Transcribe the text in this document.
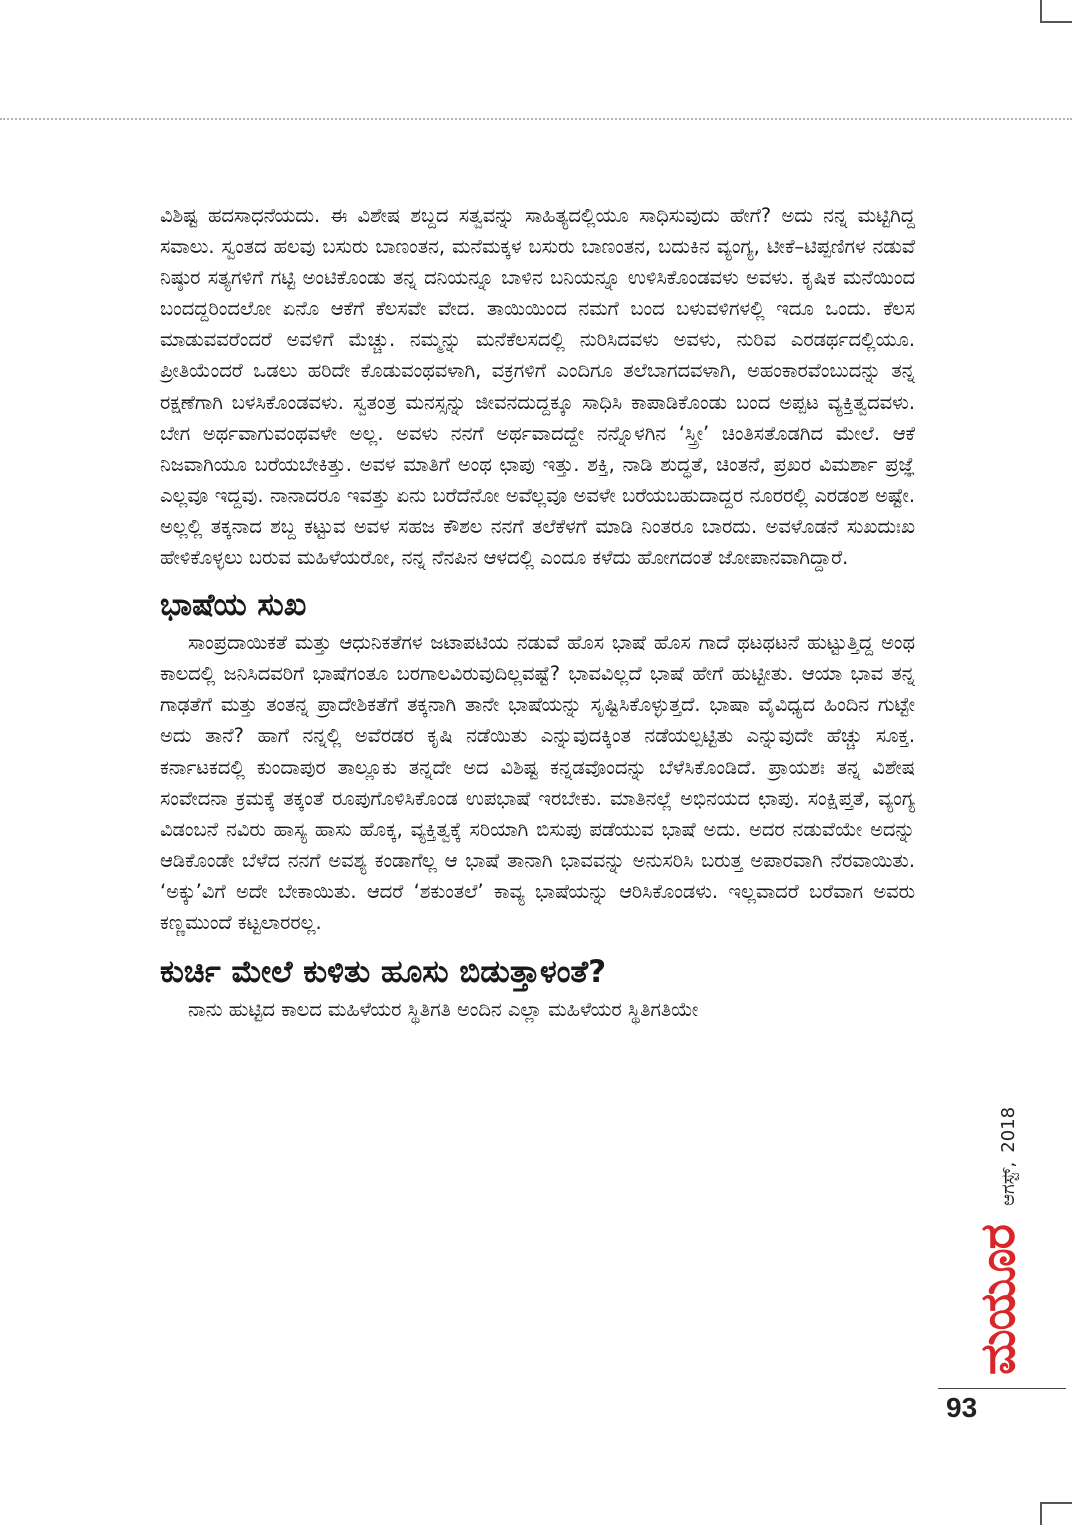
ವಿಶಿಷ್ಟ ಹದಸಾಧನೆಯದು. ಈ ವಿಶೇಷ ಶಬ್ದದ ಸತ್ವವನ್ನು ಸಾಹಿತ್ಯದಲ್ಲಿಯೂ ಸಾಧಿಸುವುದು ಹೇಗೆ? ಅದು ನನ್ನ ಮಟ್ಟಿಗಿದ್ದ ಸವಾಲು. ಸ್ವಂತದ ಹಲವು ಬಸುರು ಬಾಣಂತನ, ಮನೆಮಕ್ಕಳ ಬಸುರು ಬಾಣಂತನ, ಬದುಕಿನ ವ್ಯಂಗ್ಯ, ಟೀಕೆ–ಟಿಪ್ಪಣಿಗಳ ನಡುವೆ ನಿಷ್ಠುರ ಸತ್ಯಗಳಿಗೆ ಗಟ್ಟಿ ಅಂಟಿಕೊಂಡು ತನ್ನ ದನಿಯನ್ನೂ ಬಾಳಿನ ಬನಿಯನ್ನೂ ಉಳಿಸಿಕೊಂಡವಳು ಅವಳು. ಕೃಷಿಕ ಮನೆಯಿಂದ ಬಂದದ್ದರಿಂದಲೋ ಏನೊ ಆಕೆಗೆ ಕೆಲಸವೇ ವೇದ. ತಾಯಿಯಿಂದ ನಮಗೆ ಬಂದ ಬಳುವಳಿಗಳಲ್ಲಿ ಇದೂ ಒಂದು. ಕೆಲಸ ಮಾಡುವವರೆಂದರೆ ಅವಳಿಗೆ ಮೆಚ್ಚು. ನಮ್ಮನ್ನು ಮನೆಕೆಲಸದಲ್ಲಿ ನುರಿಸಿದವಳು ಅವಳು, ನುರಿವ ಎರಡರ್ಥದಲ್ಲಿಯೂ. ಪ್ರೀತಿಯೆಂದರೆ ಒಡಲು ಹರಿದೇ ಕೊಡುವಂಥವಳಾಗಿ, ವಕ್ರಗಳಿಗೆ ಎಂದಿಗೂ ತಲೆಬಾಗದವಳಾಗಿ, ಅಹಂಕಾರವೆಂಬುದನ್ನು ತನ್ನ ರಕ್ಷಣೆಗಾಗಿ ಬಳಸಿಕೊಂಡವಳು. ಸ್ವತಂತ್ರ ಮನಸ್ಸನ್ನು ಜೀವನದುದ್ದಕ್ಕೂ ಸಾಧಿಸಿ ಕಾಪಾಡಿಕೊಂಡು ಬಂದ ಅಪ್ಪಟ ವ್ಯಕ್ತಿತ್ವದವಳು. ಬೇಗ ಅರ್ಥವಾಗುವಂಥವಳೇ ಅಲ್ಲ. ಅವಳು ನನಗೆ ಅರ್ಥವಾದದ್ದೇ ನನ್ನೊಳಗಿನ ‘ಸ್ತ್ರೀ’ ಚಿಂತಿಸತೊಡಗಿದ ಮೇಲೆ. ಆಕೆ ನಿಜವಾಗಿಯೂ ಬರೆಯಬೇಕಿತ್ತು. ಅವಳ ಮಾತಿಗೆ ಅಂಥ ಛಾಪು ಇತ್ತು. ಶಕ್ತಿ, ನಾಡಿ ಶುದ್ಧತೆ, ಚಿಂತನೆ, ಪ್ರಖರ ವಿಮರ್ಶಾ ಪ್ರಜ್ಞೆ ಎಲ್ಲವೂ ಇದ್ದವು. ನಾನಾದರೂ ಇವತ್ತು ಏನು ಬರೆದೆನೋ ಅವೆಲ್ಲವೂ ಅವಳೇ ಬರೆಯಬಹುದಾದ್ದರ ನೂರರಲ್ಲಿ ಎರಡಂಶ ಅಷ್ಟೇ. ಅಲ್ಲಲ್ಲಿ ತಕ್ಕನಾದ ಶಬ್ದ ಕಟ್ಟುವ ಅವಳ ಸಹಜ ಕೌಶಲ ನನಗೆ ತಲೆಕೆಳಗೆ ಮಾಡಿ ನಿಂತರೂ ಬಾರದು. ಅವಳೊಡನೆ ಸುಖದುಃಖ ಹೇಳಿಕೊಳ್ಳಲು ಬರುವ ಮಹಿಳೆಯರೋ, ನನ್ನ ನೆನಪಿನ ಆಳದಲ್ಲಿ ಎಂದೂ ಕಳೆದು ಹೋಗದಂತೆ ಜೋಪಾನವಾಗಿದ್ದಾರೆ.

ಭಾಷೆಯ ಸುಖ

ಸಾಂಪ್ರದಾಯಿಕತೆ ಮತ್ತು ಆಧುನಿಕತೆಗಳ ಜಟಾಪಟಿಯ ನಡುವೆ ಹೊಸ ಭಾಷೆ ಹೊಸ ಗಾದೆ ಥಟಥಟನೆ ಹುಟ್ಟುತ್ತಿದ್ದ ಅಂಥ ಕಾಲದಲ್ಲಿ ಜನಿಸಿದವರಿಗೆ ಭಾಷೆಗಂತೂ ಬರಗಾಲವಿರುವುದಿಲ್ಲವಷ್ಟೆ? ಭಾವವಿಲ್ಲದೆ ಭಾಷೆ ಹೇಗೆ ಹುಟ್ಟೀತು. ಆಯಾ ಭಾವ ತನ್ನ ಗಾಢತೆಗೆ ಮತ್ತು ತಂತನ್ನ ಪ್ರಾದೇಶಿಕತೆಗೆ ತಕ್ಕನಾಗಿ ತಾನೇ ಭಾಷೆಯನ್ನು ಸೃಷ್ಟಿಸಿಕೊಳ್ಳುತ್ತದೆ. ಭಾಷಾ ವೈವಿಧ್ಯದ ಹಿಂದಿನ ಗುಟ್ಟೇ ಅದು ತಾನೆ? ಹಾಗೆ ನನ್ನಲ್ಲಿ ಅವೆರಡರ ಕೃಷಿ ನಡೆಯಿತು ಎನ್ನುವುದಕ್ಕಿಂತ ನಡೆಯಲ್ಪಟ್ಟಿತು ಎನ್ನುವುದೇ ಹೆಚ್ಚು ಸೂಕ್ತ. ಕರ್ನಾಟಕದಲ್ಲಿ ಕುಂದಾಪುರ ತಾಲ್ಲೂಕು ತನ್ನದೇ ಅದ ವಿಶಿಷ್ಟ ಕನ್ನಡವೊಂದನ್ನು ಬೆಳೆಸಿಕೊಂಡಿದೆ. ಪ್ರಾಯಶಃ ತನ್ನ ವಿಶೇಷ ಸಂವೇದನಾ ಕ್ರಮಕ್ಕೆ ತಕ್ಕಂತೆ ರೂಪುಗೊಳಿಸಿಕೊಂಡ ಉಪಭಾಷೆ ಇರಬೇಕು. ಮಾತಿನಲ್ಲೆ ಅಭಿನಯದ ಛಾಪು. ಸಂಕ್ಷಿಪ್ತತೆ, ವ್ಯಂಗ್ಯ ವಿಡಂಬನೆ ನವಿರು ಹಾಸ್ಯ ಹಾಸು ಹೊಕ್ಕ, ವ್ಯಕ್ತಿತ್ವಕ್ಕೆ ಸರಿಯಾಗಿ ಬಿಸುಪು ಪಡೆಯುವ ಭಾಷೆ ಅದು. ಅದರ ನಡುವೆಯೇ ಅದನ್ನು ಆಡಿಕೊಂಡೇ ಬೆಳೆದ ನನಗೆ ಅವಶ್ಯ ಕಂಡಾಗೆಲ್ಲ ಆ ಭಾಷೆ ತಾನಾಗಿ ಭಾವವನ್ನು ಅನುಸರಿಸಿ ಬರುತ್ತ ಅಪಾರವಾಗಿ ನೆರವಾಯಿತು. ‘ಅಕ್ಕು’ವಿಗೆ ಅದೇ ಬೇಕಾಯಿತು. ಆದರೆ ‘ಶಕುಂತಲೆ’ ಕಾವ್ಯ ಭಾಷೆಯನ್ನು ಆರಿಸಿಕೊಂಡಳು. ಇಲ್ಲವಾದರೆ ಬರೆವಾಗ ಅವರು ಕಣ್ಣಮುಂದೆ ಕಟ್ಟಲಾರರಲ್ಲ.

ಕುರ್ಚಿ ಮೇಲೆ ಕುಳಿತು ಹೂಸು ಬಿಡುತ್ತಾಳಂತೆ?

ನಾನು ಹುಟ್ಟಿದ ಕಾಲದ ಮಹಿಳೆಯರ ಸ್ಥಿತಿಗತಿ ಅಂದಿನ ಎಲ್ಲಾ ಮಹಿಳೆಯರ ಸ್ಥಿತಿಗತಿಯೇ

ಮಯೂರ ಆಗಸ್ಟ್, 2018
93
